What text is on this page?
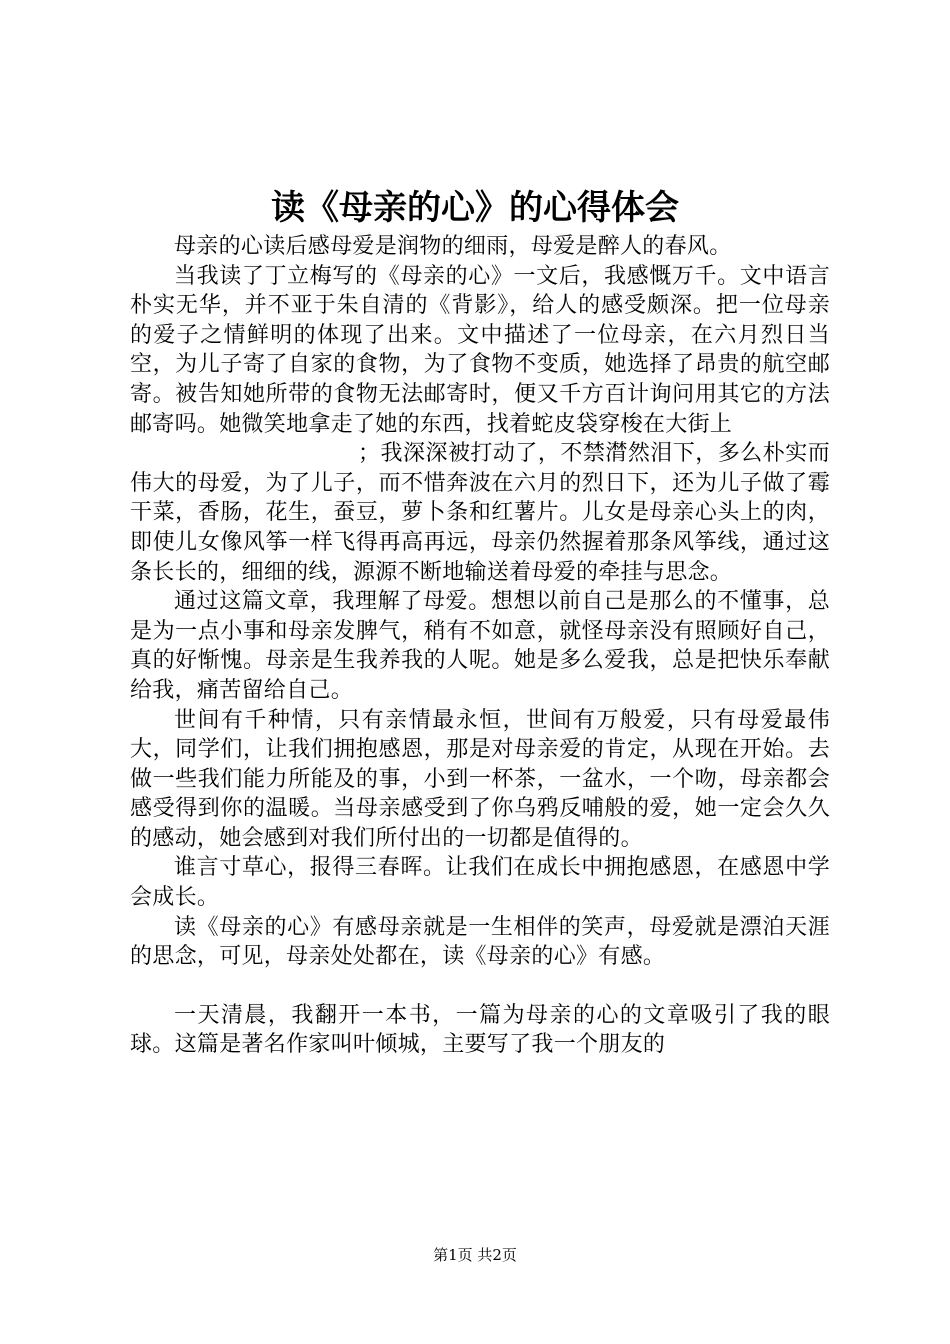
读《母亲的心》的心得体会

母亲的心读后感母爱是润物的细雨，母爱是醉人的春风。

当我读了丁立梅写的《母亲的心》一文后，我感慨万千。文中语言朴实无华，并不亚于朱自清的《背影》，给人的感受颇深。把一位母亲的爱子之情鲜明的体现了出来。文中描述了一位母亲，在六月烈日当空，为儿子寄了自家的食物，为了食物不变质，她选择了昂贵的航空邮寄。被告知她所带的食物无法邮寄时，便又千方百计询问用其它的方法邮寄吗。她微笑地拿走了她的东西，找着蛇皮袋穿梭在大街上

；我深深被打动了，不禁潸然泪下，多么朴实而伟大的母爱，为了儿子，而不惜奔波在六月的烈日下，还为儿子做了霉干菜，香肠，花生，蚕豆，萝卜条和红薯片。儿女是母亲心头上的肉，即使儿女像风筝一样飞得再高再远，母亲仍然握着那条风筝线，通过这条长长的，细细的线，源源不断地输送着母爱的牵挂与思念。

通过这篇文章，我理解了母爱。想想以前自己是那么的不懂事，总是为一点小事和母亲发脾气，稍有不如意，就怪母亲没有照顾好自己，真的好惭愧。母亲是生我养我的人呢。她是多么爱我，总是把快乐奉献给我，痛苦留给自己。

世间有千种情，只有亲情最永恒，世间有万般爱，只有母爱最伟大，同学们，让我们拥抱感恩，那是对母亲爱的肯定，从现在开始。去做一些我们能力所能及的事，小到一杯茶，一盆水，一个吻，母亲都会感受得到你的温暖。当母亲感受到了你乌鸦反哺般的爱，她一定会久久的感动，她会感到对我们所付出的一切都是值得的。

谁言寸草心，报得三春晖。让我们在成长中拥抱感恩，在感恩中学会成长。

读《母亲的心》有感母亲就是一生相伴的笑声，母爱就是漂泊天涯的思念，可见，母亲处处都在，读《母亲的心》有感。

一天清晨，我翻开一本书，一篇为母亲的心的文章吸引了我的眼球。这篇是著名作家叫叶倾城，主要写了我一个朋友的

第1页 共2页
